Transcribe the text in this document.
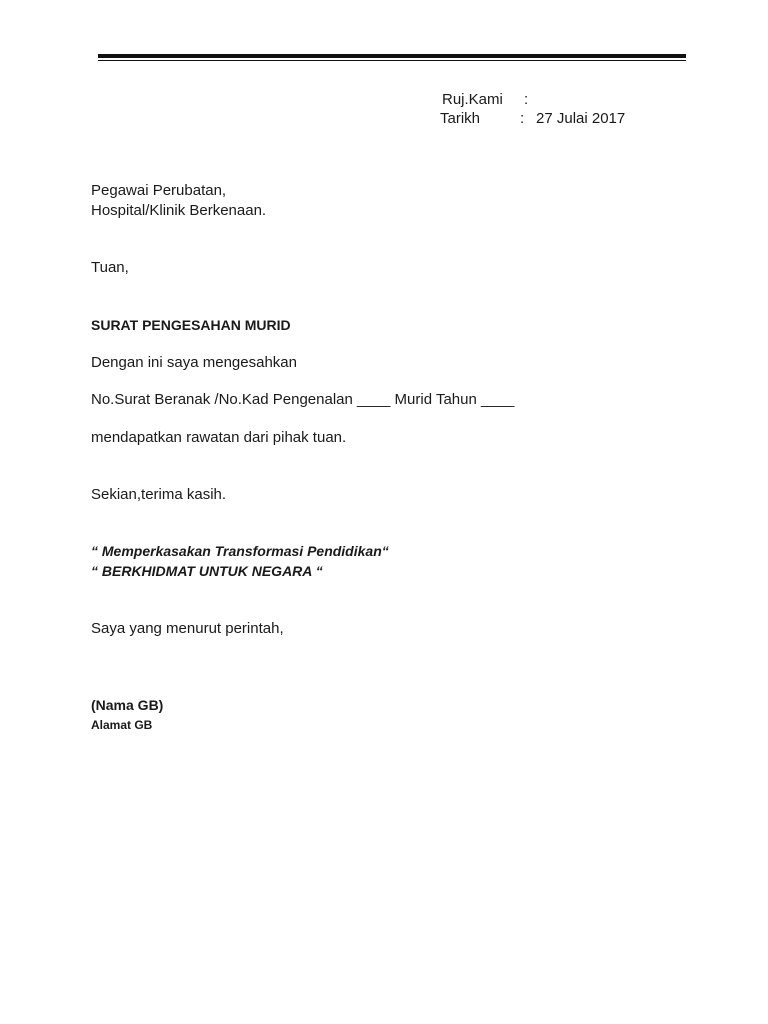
Ruj.Kami :
Tarikh	: 27 Julai 2017
Pegawai Perubatan,
Hospital/Klinik Berkenaan.
Tuan,
SURAT PENGESAHAN MURID
Dengan ini saya mengesahkan
No.Surat Beranak /No.Kad Pengenalan ____ Murid Tahun ____
mendapatkan rawatan dari pihak tuan.
Sekian,terima kasih.
“ Memperkasakan Transformasi Pendidikan“
“ BERKHIDMAT UNTUK NEGARA “
Saya yang menurut perintah,
(Nama GB)
Alamat GB
